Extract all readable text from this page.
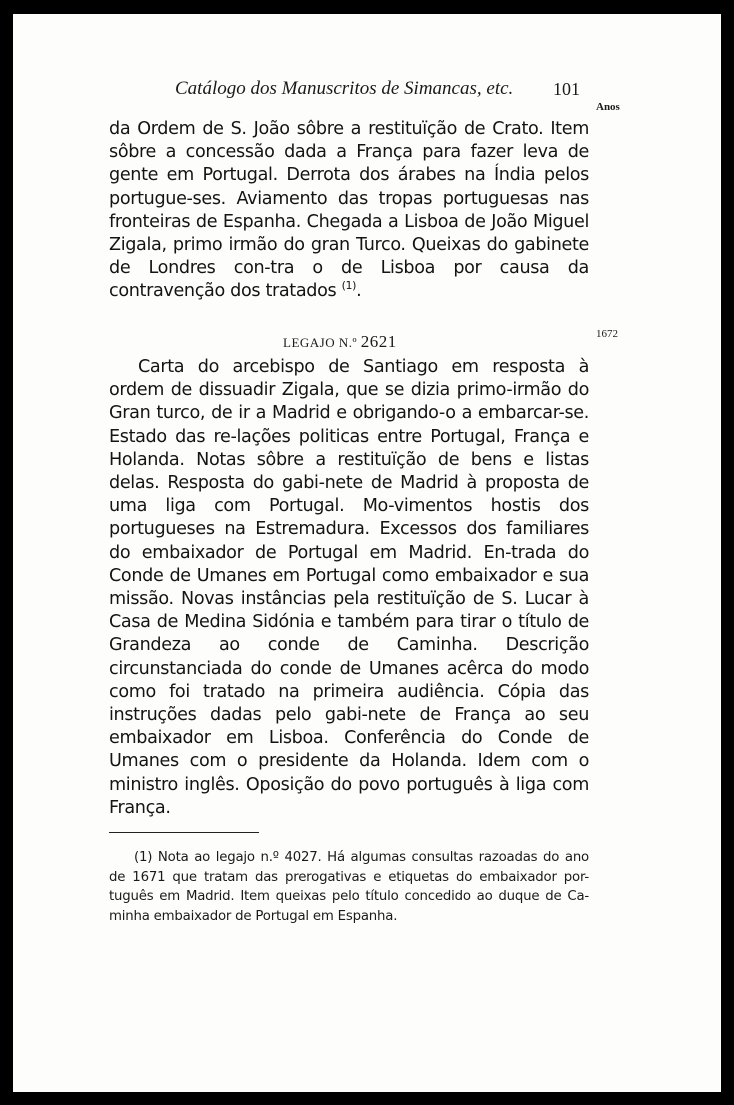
Catálogo dos Manuscritos de Simancas, etc. 101
Anos
1672

da Ordem de S. João sôbre a restituïção de Crato. Item sôbre a concessão dada a França para fazer leva de gente em Portugal. Derrota dos árabes na Índia pelos portugue-ses. Aviamento das tropas portuguesas nas fronteiras de Espanha. Chegada a Lisboa de João Miguel Zigala, primo irmão do gran Turco. Queixas do gabinete de Londres con-tra o de Lisboa por causa da contravenção dos tratados $^{(1)}$.

LEGAJO N.º 2621

Carta do arcebispo de Santiago em resposta à ordem de dissuadir Zigala, que se dizia primo-irmão do Gran turco, de ir a Madrid e obrigando-o a embarcar-se. Estado das re-lações politicas entre Portugal, França e Holanda. Notas sôbre a restituïção de bens e listas delas. Resposta do gabi-nete de Madrid à proposta de uma liga com Portugal. Mo-vimentos hostis dos portugueses na Estremadura. Excessos dos familiares do embaixador de Portugal em Madrid. En-trada do Conde de Umanes em Portugal como embaixador e sua missão. Novas instâncias pela restituïção de S. Lucar à Casa de Medina Sidónia e também para tirar o título de Grandeza ao conde de Caminha. Descrição circunstanciada do conde de Umanes acêrca do modo como foi tratado na primeira audiência. Cópia das instruções dadas pelo gabi-nete de França ao seu embaixador em Lisboa. Conferência do Conde de Umanes com o presidente da Holanda. Idem com o ministro inglês. Oposição do povo português à liga com França.

(1) Nota ao legajo n.º 4027. Há algumas consultas razoadas do ano de 1671 que tratam das prerogativas e etiquetas do embaixador por-tuguês em Madrid. Item queixas pelo título concedido ao duque de Ca-minha embaixador de Portugal em Espanha.
